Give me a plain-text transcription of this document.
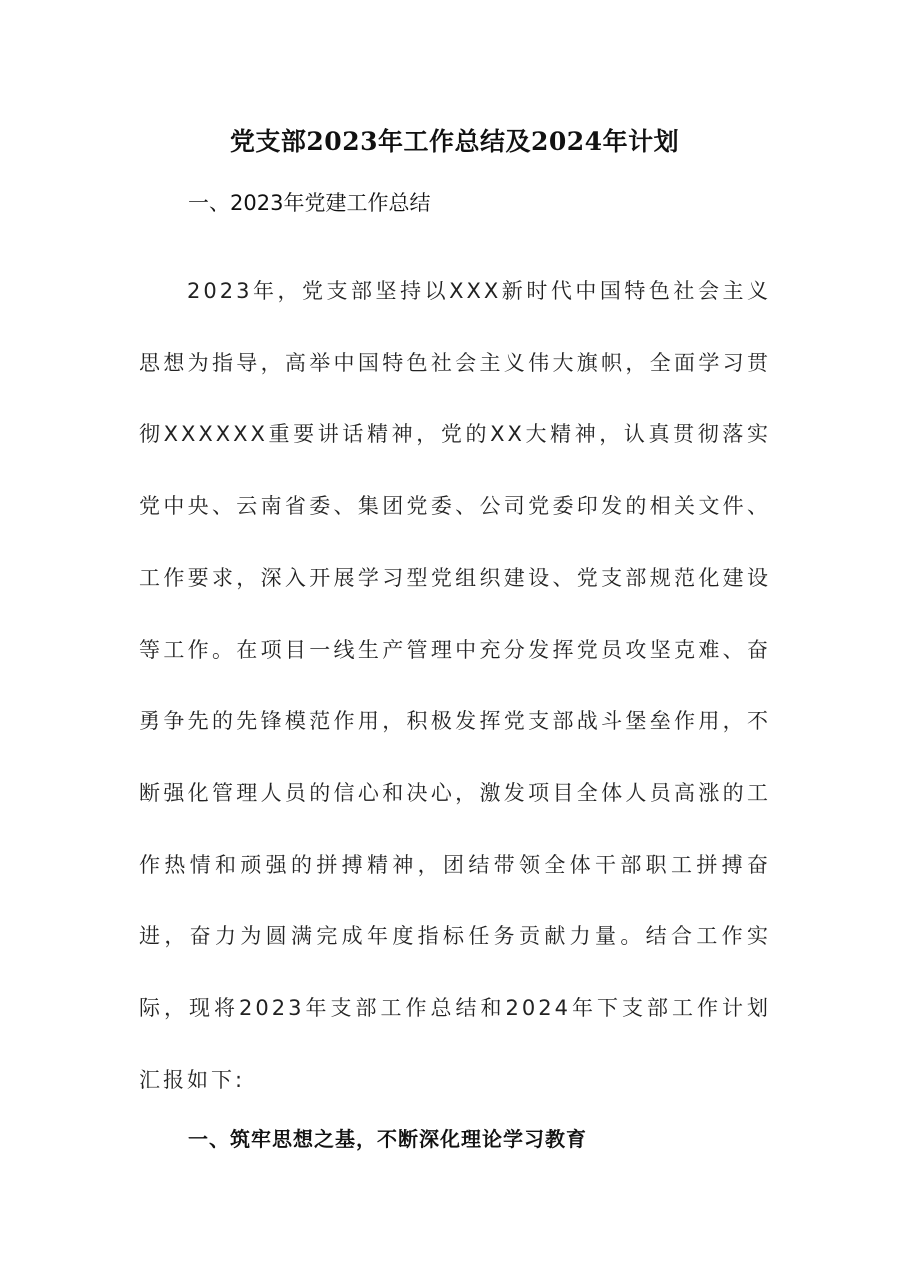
党支部2023年工作总结及2024年计划
一、2023年党建工作总结

2023年，党支部坚持以XXX新时代中国特色社会主义思想为指导，高举中国特色社会主义伟大旗帜，全面学习贯彻XXXXXX重要讲话精神，党的XX大精神，认真贯彻落实党中央、云南省委、集团党委、公司党委印发的相关文件、工作要求，深入开展学习型党组织建设、党支部规范化建设等工作。在项目一线生产管理中充分发挥党员攻坚克难、奋勇争先的先锋模范作用，积极发挥党支部战斗堡垒作用，不断强化管理人员的信心和决心，激发项目全体人员高涨的工作热情和顽强的拼搏精神，团结带领全体干部职工拼搏奋进，奋力为圆满完成年度指标任务贡献力量。结合工作实际，现将2023年支部工作总结和2024年下支部工作计划汇报如下:

一、筑牢思想之基，不断深化理论学习教育
